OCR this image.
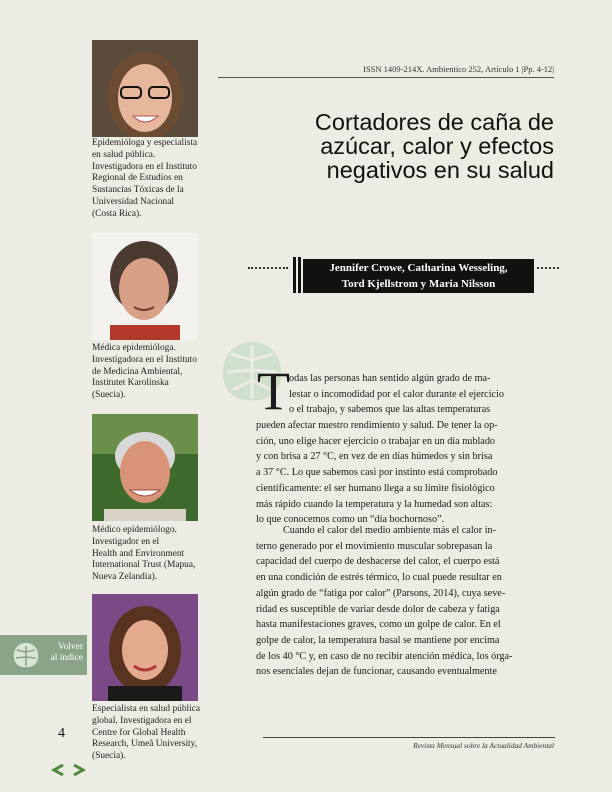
ISSN 1409-214X. Ambientico 252, Artículo 1 |Pp. 4-12|
Cortadores de caña de
azúcar, calor y efectos
negativos en su salud
Jennifer Crowe, Catharina Wesseling,
Tord Kjellstrom y Maria Nilsson
Epidemióloga y especialista
en salud pública.
Investigadora en el Instituto
Regional de Estudios en
Sustancias Tóxicas de la
Universidad Nacional
(Costa Rica).
Médica epidemióloga.
Investigadora en el Instituto
de Medicina Ambiental,
Institutet Karolinska
(Suecia).
Médico epidemiólogo.
Investigador en el
Health and Environment
International Trust (Mapua,
Nueva Zelandia).
Especialista en salud pública
global. Investigadora en el
Centre for Global Health
Research, Umeå University,
(Suecia).
T odas las personas han sentido algún grado de ma-
lestar o incomodidad por el calor durante el ejercicio
o el trabajo, y sabemos que las altas temperaturas
pueden afectar nuestro rendimiento y salud. De tener la op-
ción, uno elige hacer ejercicio o trabajar en un día nublado
y con brisa a 27 °C, en vez de en días húmedos y sin brisa
a 37 °C. Lo que sabemos casi por instinto está comprobado
científicamente: el ser humano llega a su límite fisiológico
más rápido cuando la temperatura y la humedad son altas:
lo que conocemos como un “día bochornoso”.
Cuando el calor del medio ambiente más el calor in-
terno generado por el movimiento muscular sobrepasan la
capacidad del cuerpo de deshacerse del calor, el cuerpo está
en una condición de estrés térmico, lo cual puede resultar en
algún grado de “fatiga por calor” (Parsons, 2014), cuya seve-
ridad es susceptible de variar desde dolor de cabeza y fatiga
hasta manifestaciones graves, como un golpe de calor. En el
golpe de calor, la temperatura basal se mantiene por encima
de los 40 °C y, en caso de no recibir atención médica, los órga-
nos esenciales dejan de funcionar, causando eventualmente
Volver
al índice
4
Revista Mensual sobre la Actualidad Ambiental
